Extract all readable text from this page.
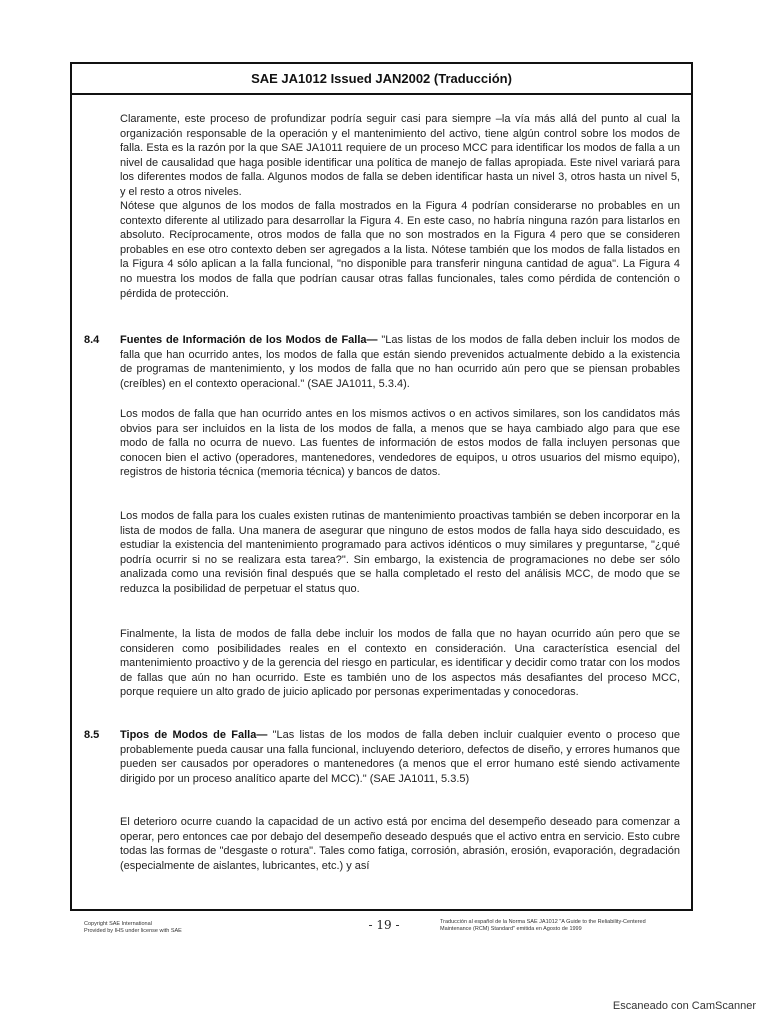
SAE JA1012 Issued JAN2002 (Traducción)

Claramente, este proceso de profundizar podría seguir casi para siempre –la vía más allá del punto al cual la organización responsable de la operación y el mantenimiento del activo, tiene algún control sobre los modos de falla. Esta es la razón por la que SAE JA1011 requiere de un proceso MCC para identificar los modos de falla a un nivel de causalidad que haga posible identificar una política de manejo de fallas apropiada. Este nivel variará para los diferentes modos de falla. Algunos modos de falla se deben identificar hasta un nivel 3, otros hasta un nivel 5, y el resto a otros niveles.

Nótese que algunos de los modos de falla mostrados en la Figura 4 podrían considerarse no probables en un contexto diferente al utilizado para desarrollar la Figura 4. En este caso, no habría ninguna razón para listarlos en absoluto. Recíprocamente, otros modos de falla que no son mostrados en la Figura 4 pero que se consideren probables en ese otro contexto deben ser agregados a la lista. Nótese también que los modos de falla listados en la Figura 4 sólo aplican a la falla funcional, "no disponible para transferir ninguna cantidad de agua". La Figura 4 no muestra los modos de falla que podrían causar otras fallas funcionales, tales como pérdida de contención o pérdida de protección.

8.4 Fuentes de Información de los Modos de Falla— "Las listas de los modos de falla deben incluir los modos de falla que han ocurrido antes, los modos de falla que están siendo prevenidos actualmente debido a la existencia de programas de mantenimiento, y los modos de falla que no han ocurrido aún pero que se piensan probables (creíbles) en el contexto operacional." (SAE JA1011, 5.3.4).

Los modos de falla que han ocurrido antes en los mismos activos o en activos similares, son los candidatos más obvios para ser incluidos en la lista de los modos de falla, a menos que se haya cambiado algo para que ese modo de falla no ocurra de nuevo. Las fuentes de información de estos modos de falla incluyen personas que conocen bien el activo (operadores, mantenedores, vendedores de equipos, u otros usuarios del mismo equipo), registros de historia técnica (memoria técnica) y bancos de datos.

Los modos de falla para los cuales existen rutinas de mantenimiento proactivas también se deben incorporar en la lista de modos de falla. Una manera de asegurar que ninguno de estos modos de falla haya sido descuidado, es estudiar la existencia del mantenimiento programado para activos idénticos o muy similares y preguntarse, "¿qué podría ocurrir si no se realizara esta tarea?". Sin embargo, la existencia de programaciones no debe ser sólo analizada como una revisión final después que se halla completado el resto del análisis MCC, de modo que se reduzca la posibilidad de perpetuar el status quo.

Finalmente, la lista de modos de falla debe incluir los modos de falla que no hayan ocurrido aún pero que se consideren como posibilidades reales en el contexto en consideración. Una característica esencial del mantenimiento proactivo y de la gerencia del riesgo en particular, es identificar y decidir como tratar con los modos de fallas que aún no han ocurrido. Este es también uno de los aspectos más desafiantes del proceso MCC, porque requiere un alto grado de juicio aplicado por personas experimentadas y conocedoras.

8.5 Tipos de Modos de Falla— "Las listas de los modos de falla deben incluir cualquier evento o proceso que probablemente pueda causar una falla funcional, incluyendo deterioro, defectos de diseño, y errores humanos que pueden ser causados por operadores o mantenedores (a menos que el error humano esté siendo activamente dirigido por un proceso analítico aparte del MCC)." (SAE JA1011, 5.3.5)

El deterioro ocurre cuando la capacidad de un activo está por encima del desempeño deseado para comenzar a operar, pero entonces cae por debajo del desempeño deseado después que el activo entra en servicio. Esto cubre todas las formas de "desgaste o rotura". Tales como fatiga, corrosión, abrasión, erosión, evaporación, degradación (especialmente de aislantes, lubricantes, etc.) y así

Copyright SAE International
Provided by IHS under license with SAE	- 19 -	Traducción al español de la Norma SAE JA1012 "A Guide to the Reliability-Centered
Maintenance (RCM) Standard" emitida en Agosto de 1999
Escaneado con CamScanner
